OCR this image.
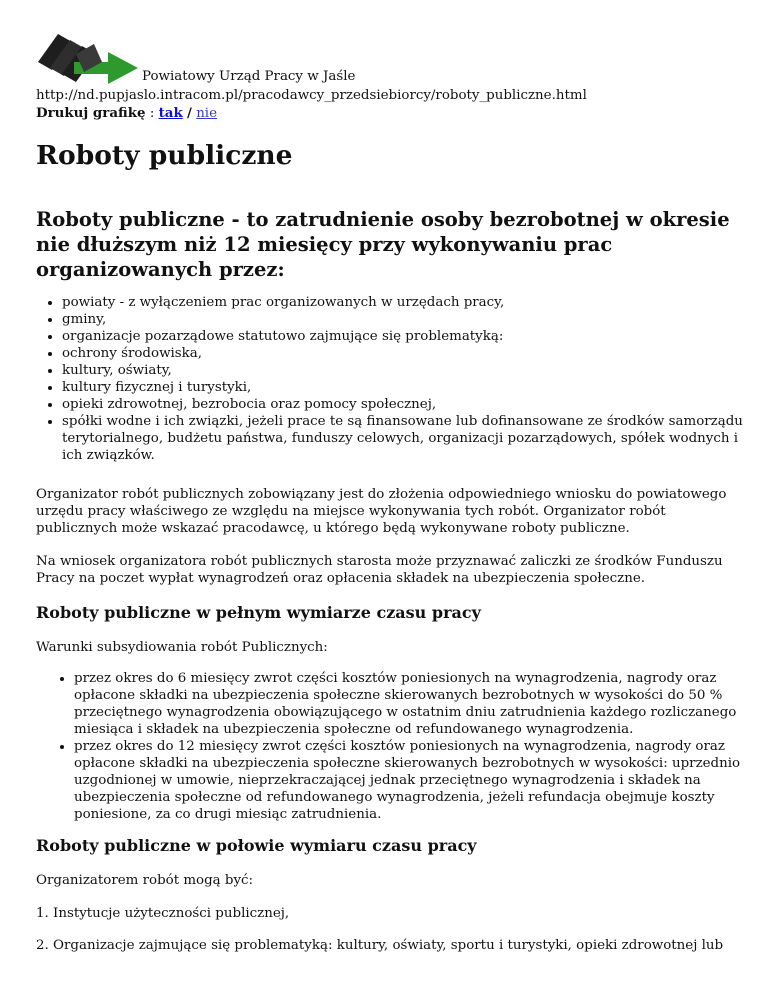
Powiatowy Urząd Pracy w Jaśle
http://nd.pupjaslo.intracom.pl/pracodawcy_przedsiebiorcy/roboty_publiczne.html
Drukuj grafikę : tak / nie
Roboty publiczne
Roboty publiczne - to zatrudnienie osoby bezrobotnej w okresie nie dłuższym niż 12 miesięcy przy wykonywaniu prac organizowanych przez:
• powiaty - z wyłączeniem prac organizowanych w urzędach pracy,
• gminy,
• organizacje pozarządowe statutowo zajmujące się problematyką:
• ochrony środowiska,
• kultury, oświaty,
• kultury fizycznej i turystyki,
• opieki zdrowotnej, bezrobocia oraz pomocy społecznej,
• spółki wodne i ich związki, jeżeli prace te są finansowane lub dofinansowane ze środków samorządu terytorialnego, budżetu państwa, funduszy celowych, organizacji pozarządowych, spółek wodnych i ich związków.

Organizator robót publicznych zobowiązany jest do złożenia odpowiedniego wniosku do powiatowego urzędu pracy właściwego ze względu na miejsce wykonywania tych robót. Organizator robót publicznych może wskazać pracodawcę, u którego będą wykonywane roboty publiczne.

Na wniosek organizatora robót publicznych starosta może przyznawać zaliczki ze środków Funduszu Pracy na poczet wypłat wynagrodzeń oraz opłacenia składek na ubezpieczenia społeczne.

Roboty publiczne w pełnym wymiarze czasu pracy

Warunki subsydiowania robót Publicznych:

• przez okres do 6 miesięcy zwrot części kosztów poniesionych na wynagrodzenia, nagrody oraz opłacone składki na ubezpieczenia społeczne skierowanych bezrobotnych w wysokości do 50 % przeciętnego wynagrodzenia obowiązującego w ostatnim dniu zatrudnienia każdego rozliczanego miesiąca i składek na ubezpieczenia społeczne od refundowanego wynagrodzenia.
• przez okres do 12 miesięcy zwrot części kosztów poniesionych na wynagrodzenia, nagrody oraz opłacone składki na ubezpieczenia społeczne skierowanych bezrobotnych w wysokości: uprzednio uzgodnionej w umowie, nieprzekraczającej jednak przeciętnego wynagrodzenia i składek na ubezpieczenia społeczne od refundowanego wynagrodzenia, jeżeli refundacja obejmuje koszty poniesione, za co drugi miesiąc zatrudnienia.
Roboty publiczne w połowie wymiaru czasu pracy

Organizatorem robót mogą być:

1. Instytucje użyteczności publicznej,

2. Organizacje zajmujące się problematyką: kultury, oświaty, sportu i turystyki, opieki zdrowotnej lub
